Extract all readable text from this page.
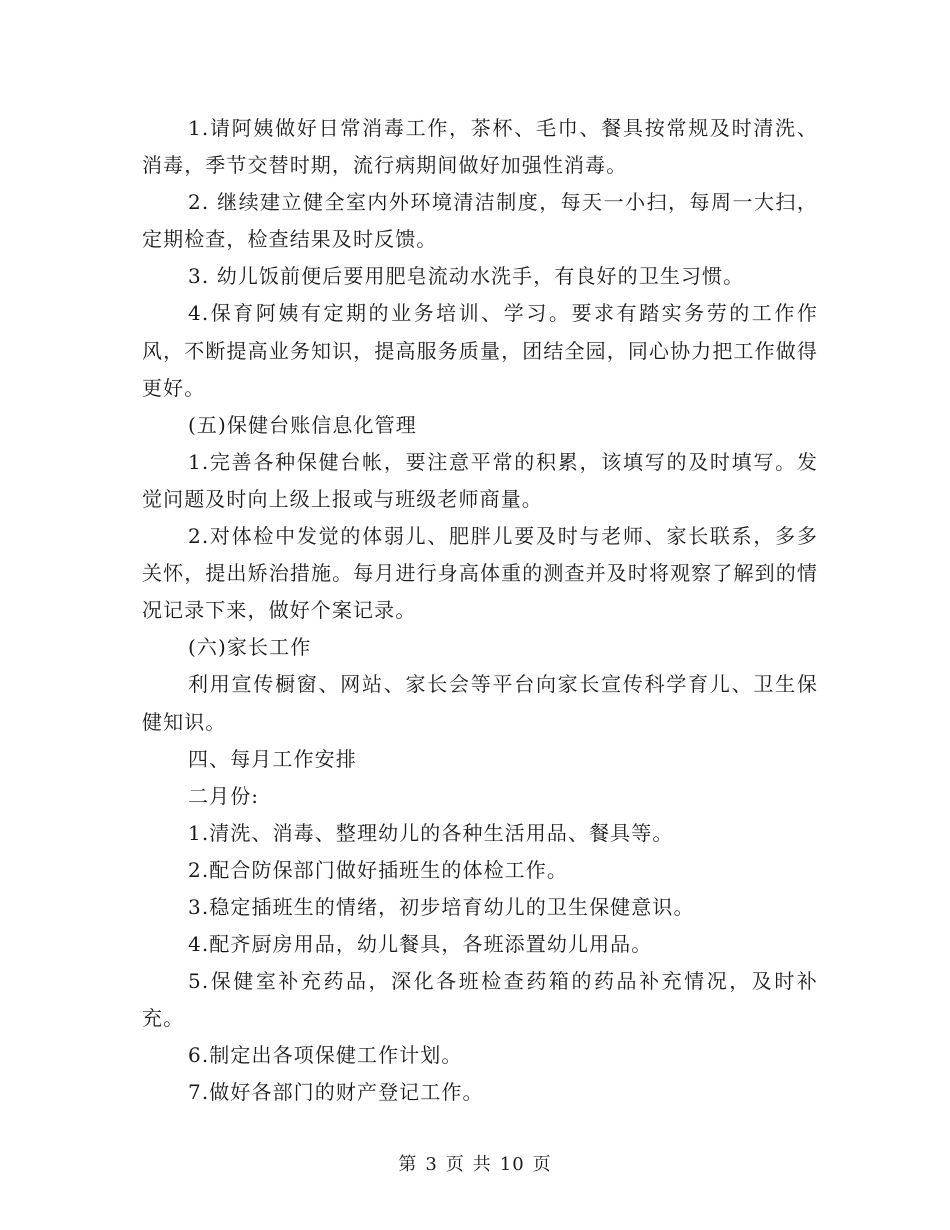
1.请阿姨做好日常消毒工作，茶杯、毛巾、餐具按常规及时清洗、消毒，季节交替时期，流行病期间做好加强性消毒。

2. 继续建立健全室内外环境清洁制度，每天一小扫，每周一大扫，定期检查，检查结果及时反馈。

3. 幼儿饭前便后要用肥皂流动水洗手，有良好的卫生习惯。

4.保育阿姨有定期的业务培训、学习。要求有踏实务劳的工作作风，不断提高业务知识，提高服务质量，团结全园，同心协力把工作做得更好。

(五)保健台账信息化管理

1.完善各种保健台帐，要注意平常的积累，该填写的及时填写。发觉问题及时向上级上报或与班级老师商量。

2.对体检中发觉的体弱儿、肥胖儿要及时与老师、家长联系，多多关怀，提出矫治措施。每月进行身高体重的测查并及时将观察了解到的情况记录下来，做好个案记录。

(六)家长工作

利用宣传橱窗、网站、家长会等平台向家长宣传科学育儿、卫生保健知识。

四、每月工作安排

二月份:

1.清洗、消毒、整理幼儿的各种生活用品、餐具等。

2.配合防保部门做好插班生的体检工作。

3.稳定插班生的情绪，初步培育幼儿的卫生保健意识。

4.配齐厨房用品，幼儿餐具，各班添置幼儿用品。

5.保健室补充药品，深化各班检查药箱的药品补充情况，及时补充。

6.制定出各项保健工作计划。

7.做好各部门的财产登记工作。

第 3 页 共 10 页
